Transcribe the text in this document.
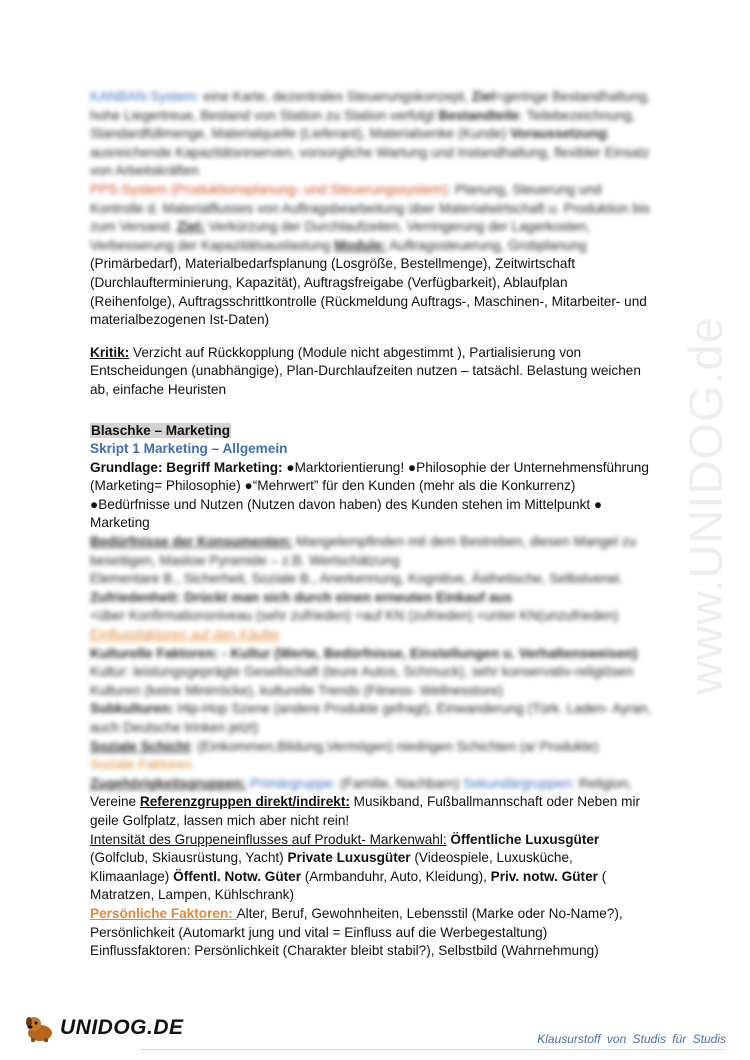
www.UNIDOG.de

KANBAN-System: eine Karte, dezentrales Steuerungskonzept, Ziel=geringe Bestandhaltung, hohe Liegertreue, Bestand von Station zu Station verfolgt Bestandteile: Teilebezeichnung, Standardfüllmenge, Materialquelle (Lieferant), Materialsenke (Kunde) Voraussetzung: ausreichende Kapazitätsreserven, vorsorgliche Wartung und Instandhaltung, flexibler Einsatz von Arbeitskräften

PPS-System (Produktionsplanung- und Steuerungssystem): Planung, Steuerung und Kontrolle d. Materialflusses von Auftragsbearbeitung über Materialwirtschaft u. Produktion bis zum Versand. Ziel: Verkürzung der Durchlaufzeiten, Verringerung der Lagerkosten, Verbesserung der Kapazitätsauslastung Module: Auftragssteuerung, Grobplanung

(Primärbedarf), Materialbedarfsplanung (Losgröße, Bestellmenge), Zeitwirtschaft (Durchlaufterminierung, Kapazität), Auftragsfreigabe (Verfügbarkeit), Ablaufplan (Reihenfolge), Auftragsschrittkontrolle (Rückmeldung Auftrags-, Maschinen-, Mitarbeiter- und materialbezogenen Ist-Daten)

Kritik: Verzicht auf Rückkopplung (Module nicht abgestimmt ), Partialisierung von Entscheidungen (unabhängige), Plan-Durchlaufzeiten nutzen – tatsächl. Belastung weichen ab, einfache Heuristen

Blaschke – Marketing

Skript 1 Marketing – Allgemein

Grundlage: Begriff Marketing: ●Marktorientierung! ●Philosophie der Unternehmensführung (Marketing= Philosophie) ●“Mehrwert” für den Kunden (mehr als die Konkurrenz) ●Bedürfnisse und Nutzen (Nutzen davon haben) des Kunden stehen im Mittelpunkt ● Marketing

Bedürfnisse der Konsumenten: Mangelempfinden mit dem Bestreben, diesen Mangel zu beseitigen, Maslow Pyramide – z.B. Wertschätzung

Elementare B., Sicherheit, Soziale B., Anerkennung, Kognitive, Ästhetische, Selbstverwi.

Zufriedenheit: Drückt man sich durch einen erneuten Einkauf aus

<über Konfirmationsniveau (sehr zufrieden) =auf KN (zufrieden) <unter KN(unzufrieden)

Einflussfaktoren auf den Käufer

Kulturelle Faktoren: - Kultur (Werte, Bedürfnisse, Einstellungen u. Verhaltensweisen)

Kultur: leistungsgeprägte Gesellschaft (teure Autos, Schmuck), sehr konservativ-religiösen Kulturen (keine Minirröcke), kulturelle Trends (Fitness- Wellnesstore)

Subkulturen: Hip-Hop Szene (andere Produkte gefragt), Einwanderung (Türk. Laden- Ayran, auch Deutsche trinken jetzt)

Soziale Schicht: (Einkommen,Bildung,Vermögen) niedrigen Schichten (a/ Produkte)

Soziale Faktoren

Zugehörigkeitsgruppen: Primärgruppe: (Familie, Nachbarn) Sekundärgruppen: Religion,

Vereine Referenzgruppen direkt/indirekt: Musikband, Fußballmannschaft oder Neben mir geile Golfplatz, lassen mich aber nicht rein!

Intensität des Gruppeneinflusses auf Produkt- Markenwahl: Öffentliche Luxusgüter (Golfclub, Skiausrüstung, Yacht) Private Luxusgüter (Videospiele, Luxusküche, Klimaanlage) Öffentl. Notw. Güter (Armbanduhr, Auto, Kleidung), Priv. notw. Güter ( Matratzen, Lampen, Kühlschrank)

Persönliche Faktoren: Alter, Beruf, Gewohnheiten, Lebensstil (Marke oder No-Name?),

Persönlichkeit (Automarkt jung und vital = Einfluss auf die Werbegestaltung)

Einflussfaktoren: Persönlichkeit (Charakter bleibt stabil?), Selbstbild (Wahrnehmung)

UNIDOG.DE	Klausurstoff von Studis für Studis
